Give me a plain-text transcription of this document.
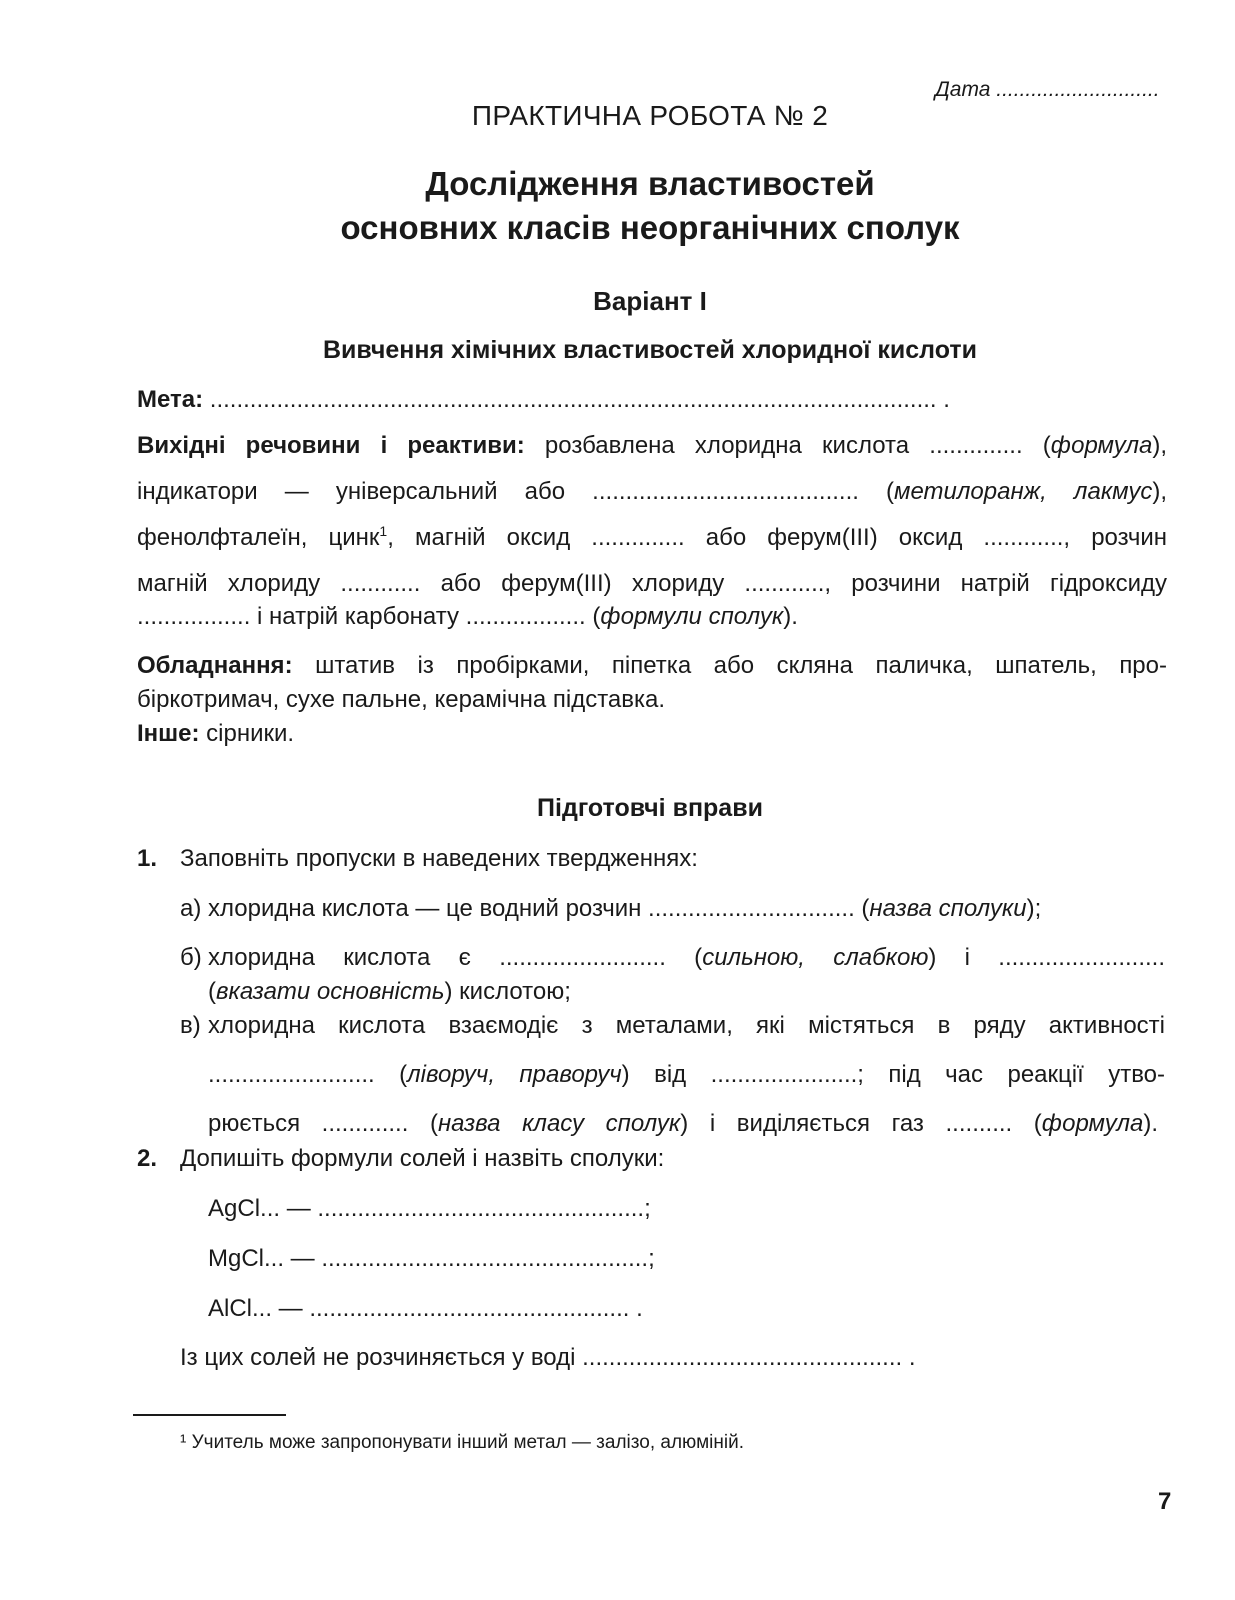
Дата ............................
ПРАКТИЧНА РОБОТА № 2
Дослідження властивостей
основних класів неорганічних сполук
Варіант І
Вивчення хімічних властивостей хлоридної кислоти
Мета: ............................................................................................................. .
Вихідні речовини і реактиви: розбавлена хлоридна кислота .............. (формула),
індикатори — універсальний або ........................................ (метилоранж, лакмус),
фенолфталеїн, цинк$^1$, магній оксид .............. або ферум(ІІІ) оксид ............, розчин
магній хлориду ............ або ферум(ІІІ) хлориду ............, розчини натрій гідроксиду
................. і натрій карбонату .................. (формули сполук).
Обладнання: штатив із пробірками, піпетка або скляна паличка, шпатель, про-
біркотримач, сухе пальне, керамічна підставка.
Інше: сірники.
Підготовчі вправи
1. Заповніть пропуски в наведених твердженнях:
а) хлоридна кислота — це водний розчин ............................... (назва сполуки);
б) хлоридна кислота є ......................... (сильною, слабкою) і .........................
(вказати основність) кислотою;
в) хлоридна кислота взаємодіє з металами, які містяться в ряду активності
......................... (ліворуч, праворуч) від ......................; під час реакції утво-
рюється ............. (назва класу сполук) і виділяється газ .......... (формула).
2. Допишіть формули солей і назвіть сполуки:
AgCl... — .................................................;
MgCl... — .................................................;
AlCl... — ................................................ .
Із цих солей не розчиняється у воді ................................................ .
¹ Учитель може запропонувати інший метал — залізо, алюміній.
7
